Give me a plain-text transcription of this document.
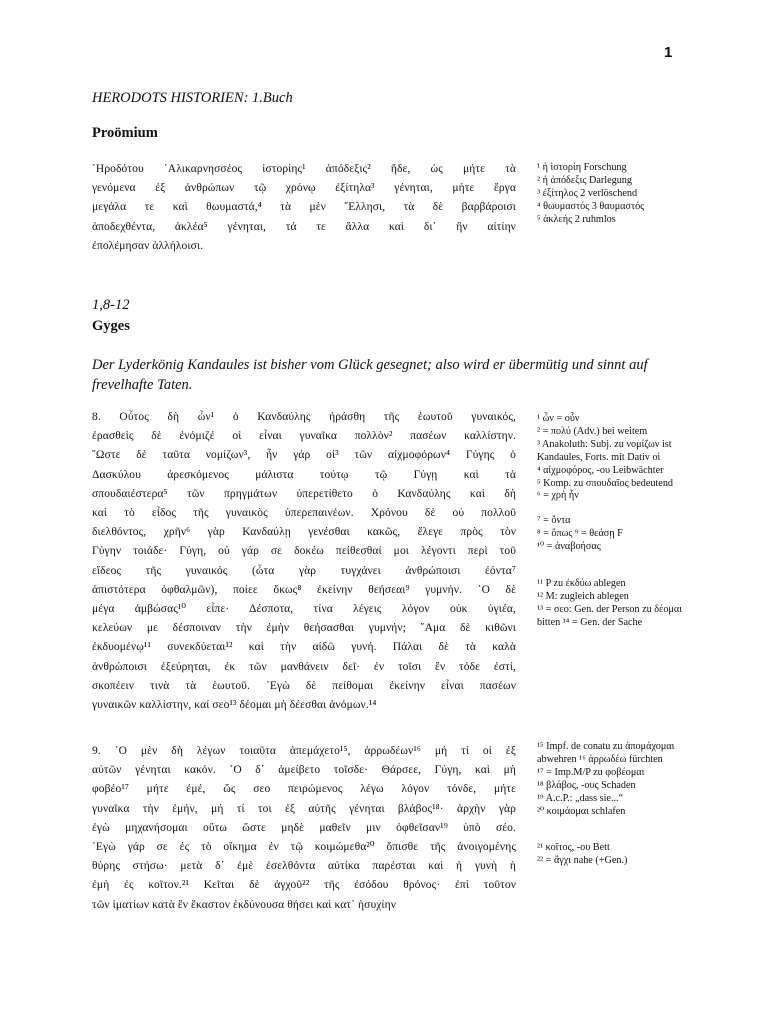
1
HERODOTS HISTORIEN: 1.Buch
Proömium
῾Ηροδότου ῾Αλικαρνησσέος ἱστορίης¹ ἀπόδεξις² ἥδε, ὡς μήτε τὰ
γενόμενα ἐξ ἀνθρώπων τῷ χρόνῳ ἐξίτηλα³ γένηται, μήτε ἔργα
μεγάλα τε καὶ θωυμαστά,⁴ τὰ μὲν ῞Ελλησι, τὰ δὲ βαρβάροισι
ἀποδεχθέντα, ἀκλέα⁵ γένηται, τά τε ἄλλα καὶ δι᾽ ἣν αἰτίην
ἐπολέμησαν ἀλλήλοισι.
¹ ἡ ἱστορίη Forschung
² ἡ ἀπόδεξις Darlegung
³ ἐξίτηλος 2 verlöschend
⁴ θωυμαστός 3 θαυμαστός
⁵ ἀκλεής 2 ruhmlos
1,8-12
Gyges
Der Lyderkönig Kandaules ist bisher vom Glück gesegnet; also wird er übermütig und sinnt auf frevelhafte Taten.
8. Οὗτος δὴ ὦν¹ ὁ Κανδαύλης ἠράσθη τῆς ἑωυτοῦ γυναικός,
ἐρασθεὶς δὲ ἐνόμιζέ οἱ εἶναι γυναῖκα πολλὸν² πασέων καλλίστην.
῞Ωστε δὲ ταῦτα νομίζων³, ἦν γάρ οἱ³ τῶν αἰχμοφόρων⁴ Γύγης ὁ
Δασκύλου ἀρεσκόμενος μάλιστα τούτῳ τῷ Γύγῃ καὶ τὰ
σπουδαιέστερα⁵ τῶν πρηγμάτων ὑπερετίθετο ὁ Κανδαύλης καὶ δὴ
καὶ τὸ εἶδος τῆς γυναικὸς ὑπερεπαινέων. Χρόνου δὲ οὐ πολλοῦ
διελθόντος, χρῆν⁶ γὰρ Κανδαύλῃ γενέσθαι κακῶς, ἔλεγε πρὸς τὸν
Γύγην τοιάδε· Γύγη, οὐ γάρ σε δοκέω πείθεσθαί μοι λέγοντι περὶ τοῦ
εἴδεος τῆς γυναικός (ὦτα γὰρ τυγχάνει ἀνθρώποισι ἐόντα⁷
ἀπιστότερα ὀφθαλμῶν), ποίεε ὅκως⁸ ἐκείνην θεήσεαι⁹ γυμνήν. ῾Ο δὲ
μέγα ἀμβώσας¹⁰ εἶπε· Δέσποτα, τίνα λέγεις λόγον οὐκ ὑγιέα,
κελεύων με δέσποιναν τὴν ἐμὴν θεήσασθαι γυμνήν; ῞Αμα δὲ κιθῶνι
ἐκδυομένῳ¹¹ συνεκδύεται¹² καὶ τὴν αἰδῶ γυνή. Πάλαι δὲ τὰ καλὰ
ἀνθρώποισι ἐξεύρηται, ἐκ τῶν μανθάνειν δεῖ· ἐν τοῖσι ἓν τόδε ἐστί,
σκοπέειν τινὰ τὰ ἑωυτοῦ. ᾿Εγὼ δὲ πείθομαι ἐκείνην εἶναι πασέων
γυναικῶν καλλίστην, καί σεο¹³ δέομαι μὴ δέεσθαι ἀνόμων.¹⁴
¹ ὦν = οὖν
² = πολύ (Adv.) bei weitem
³ Anakoluth: Subj. zu νομίζων ist
Kandaules, Forts. mit Dativ οἱ
⁴ αἰχμοφόρος, -ου Leibwächter
⁵ Komp. zu σπουδαῖος bedeutend
⁶ = χρὴ ἦν
⁷ = ὄντα
⁸ = ὅπως ⁹ = θεάσῃ F
¹⁰ = ἀναβοήσας
¹¹ P zu ἐκδύω ablegen
¹² M: zugleich ablegen
¹³ = σεο: Gen. der Person zu δέομαι
bitten ¹⁴ = Gen. der Sache
9. ῾Ο μὲν δὴ λέγων τοιαῦτα ἀπεμάχετο¹⁵, ἀρρωδέων¹⁶ μή τί οἱ ἐξ
αὐτῶν γένηται κακόν. ῾Ο δ᾽ ἀμείβετο τοῖσδε· Θάρσεε, Γύγη, καὶ μὴ
φοβέο¹⁷ μήτε ἐμέ, ὥς σεο πειρώμενος λέγω λόγον τόνδε, μήτε
γυναῖκα τὴν ἐμήν, μή τί τοι ἐξ αὐτῆς γένηται βλάβος¹⁸· ἀρχὴν γὰρ
ἐγὼ μηχανήσομαι οὕτω ὥστε μηδὲ μαθεῖν μιν ὀφθεῖσαν¹⁹ ὑπὸ σέο.
᾿Εγὼ γάρ σε ἐς τὸ οἴκημα ἐν τῷ κοιμώμεθα²⁰ ὄπισθε τῆς ἀνοιγομένης
θύρης στήσω· μετὰ δ᾽ ἐμὲ ἐσελθόντα αὐτίκα παρέσται καὶ ἡ γυνὴ ἡ
ἐμὴ ἐς κοῖτον.²¹ Κεῖται δὲ ἀγχοῦ²² τῆς ἐσόδου θρόνος· ἐπὶ τοῦτον
τῶν ἱματίων κατὰ ἓν ἕκαστον ἐκδύνουσα θήσει καὶ κατ᾽ ἡσυχίην
¹⁵ Impf. de conatu zu ἀπομάχομαι
abwehren ¹⁶ ἀρρωδέω fürchten
¹⁷ = Imp.M/P zu φοβέομαι
¹⁸ βλάβος, -ους Schaden
¹⁹ A.c.P.: „dass sie...“
²⁰ κοιμάομαι schlafen
²¹ κοῖτος, -ου Bett
²² = ἄγχι nahe (+Gen.)
